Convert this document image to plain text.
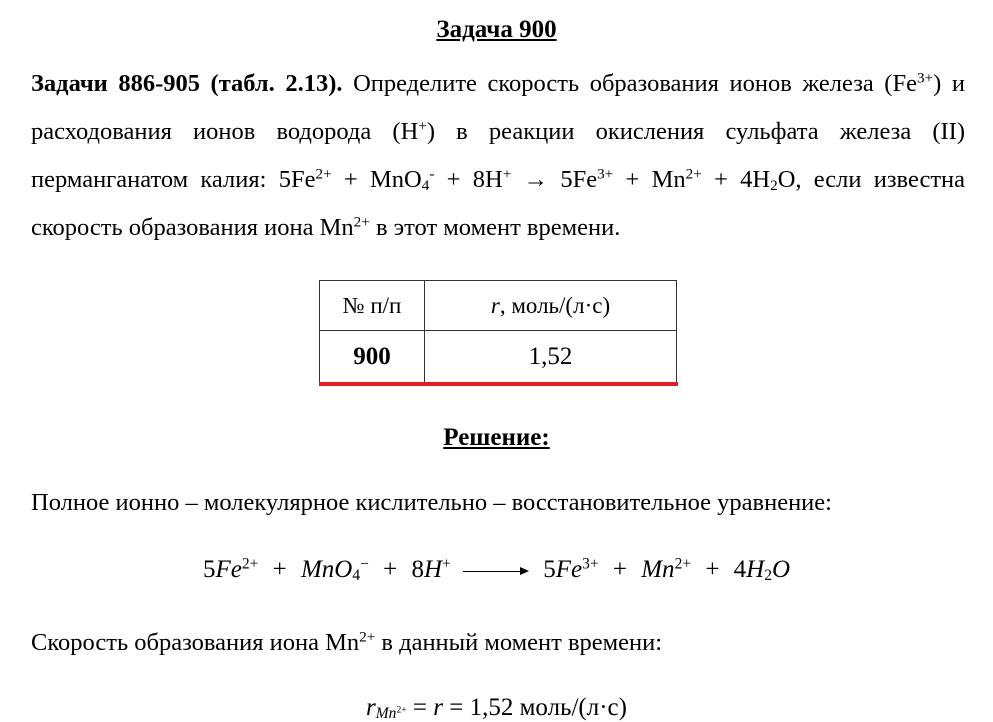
Задача 900
Задачи 886-905 (табл. 2.13). Определите скорость образования ионов железа $(Fe^{3+})$ и расходования ионов водорода (H+) в реакции окисления сульфата железа (II) перманганатом калия: $5Fe^{2+} + MnO_4^- + 8H^+ \to 5Fe^{3+} + Mn^{2+} + 4H_2O$, если известна скорость образования иона $Mn^{2+}$ в этот момент времени.
№ п/п	r, моль/(л·с)
900	1,52
Решение:
Полное ионно – молекулярное кислительно – восстановительное уравнение:
$5Fe^{2+} + MnO_4^- + 8H^+ \to 5Fe^{3+} + Mn^{2+} + 4H_2O$
Скорость образования иона $Mn^{2+}$ в данный момент времени:
$r_{Mn^{2+}} = r = 1,52$ моль/(л·с)
